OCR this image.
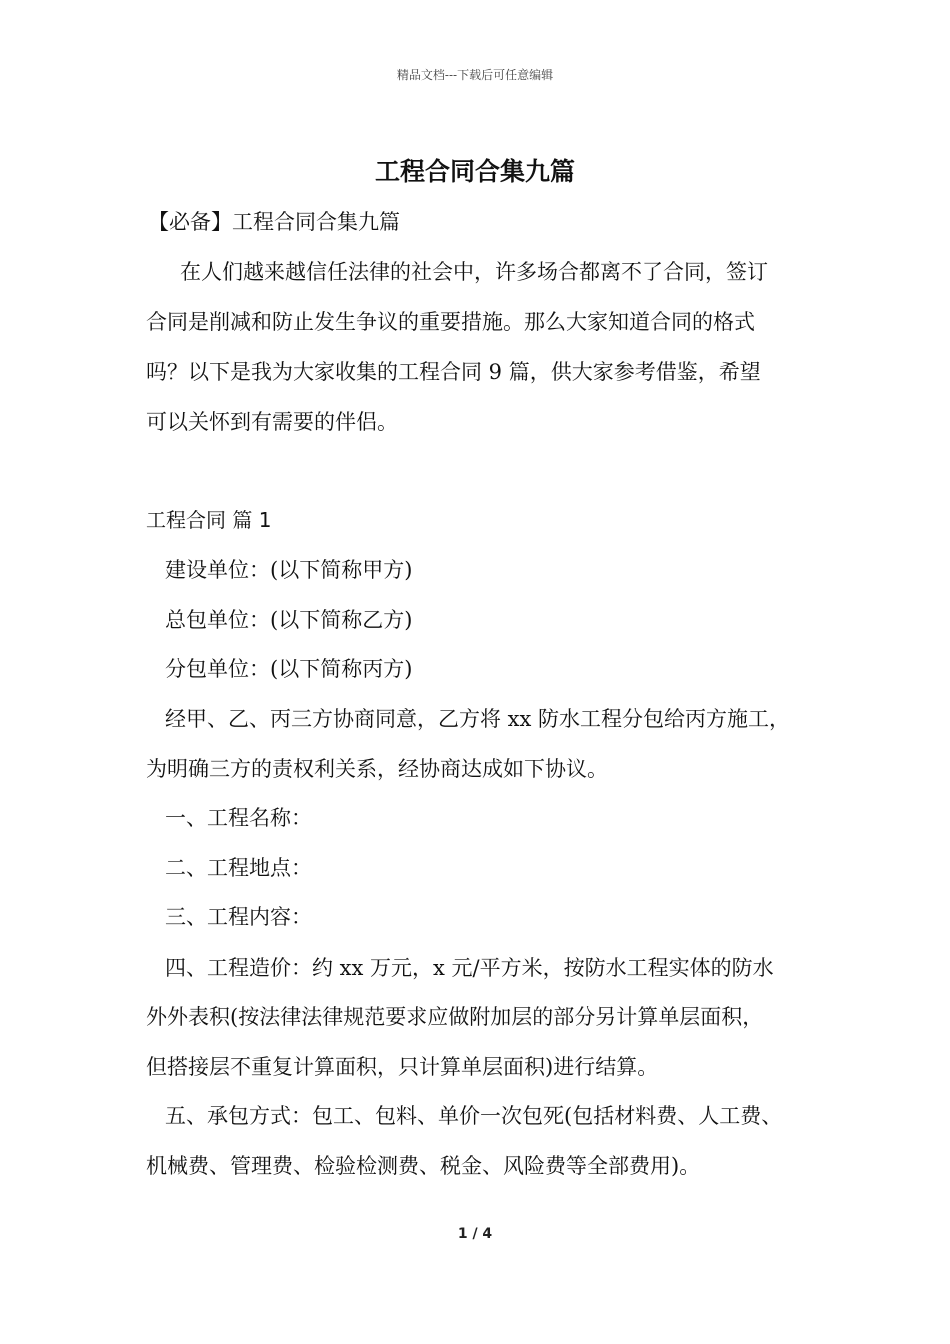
精品文档---下载后可任意编辑
工程合同合集九篇
【必备】工程合同合集九篇
在人们越来越信任法律的社会中，许多场合都离不了合同，签订
合同是削减和防止发生争议的重要措施。那么大家知道合同的格式
吗？以下是我为大家收集的工程合同 9 篇，供大家参考借鉴，希望
可以关怀到有需要的伴侣。
工程合同 篇 1
建设单位：(以下简称甲方)
总包单位：(以下简称乙方)
分包单位：(以下简称丙方)
经甲、乙、丙三方协商同意，乙方将 xx 防水工程分包给丙方施工，
为明确三方的责权利关系，经协商达成如下协议。
一、工程名称：
二、工程地点：
三、工程内容：
四、工程造价：约 xx 万元，x 元/平方米，按防水工程实体的防水
外外表积(按法律法律规范要求应做附加层的部分另计算单层面积，
但搭接层不重复计算面积，只计算单层面积)进行结算。
五、承包方式：包工、包料、单价一次包死(包括材料费、人工费、
机械费、管理费、检验检测费、税金、风险费等全部费用)。
1 / 4
